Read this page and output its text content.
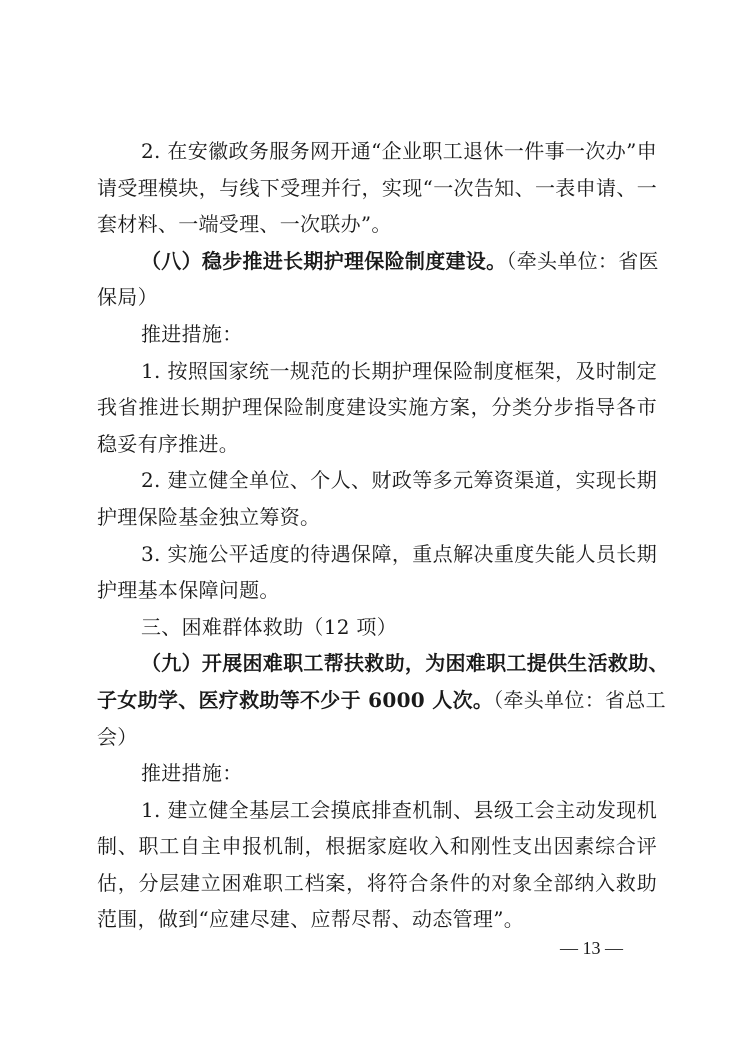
2. 在安徽政务服务网开通“企业职工退休一件事一次办”申
请受理模块，与线下受理并行，实现“一次告知、一表申请、一
套材料、一端受理、一次联办”。
（八）稳步推进长期护理保险制度建设。（牵头单位：省医
保局）
推进措施：
1. 按照国家统一规范的长期护理保险制度框架，及时制定
我省推进长期护理保险制度建设实施方案，分类分步指导各市
稳妥有序推进。
2. 建立健全单位、个人、财政等多元筹资渠道，实现长期
护理保险基金独立筹资。
3. 实施公平适度的待遇保障，重点解决重度失能人员长期
护理基本保障问题。
三、困难群体救助（12 项）
（九）开展困难职工帮扶救助，为困难职工提供生活救助、
子女助学、医疗救助等不少于 6000 人次。（牵头单位：省总工
会）
推进措施：
1. 建立健全基层工会摸底排查机制、县级工会主动发现机
制、职工自主申报机制，根据家庭收入和刚性支出因素综合评
估，分层建立困难职工档案，将符合条件的对象全部纳入救助
范围，做到“应建尽建、应帮尽帮、动态管理”。
— 13 —
